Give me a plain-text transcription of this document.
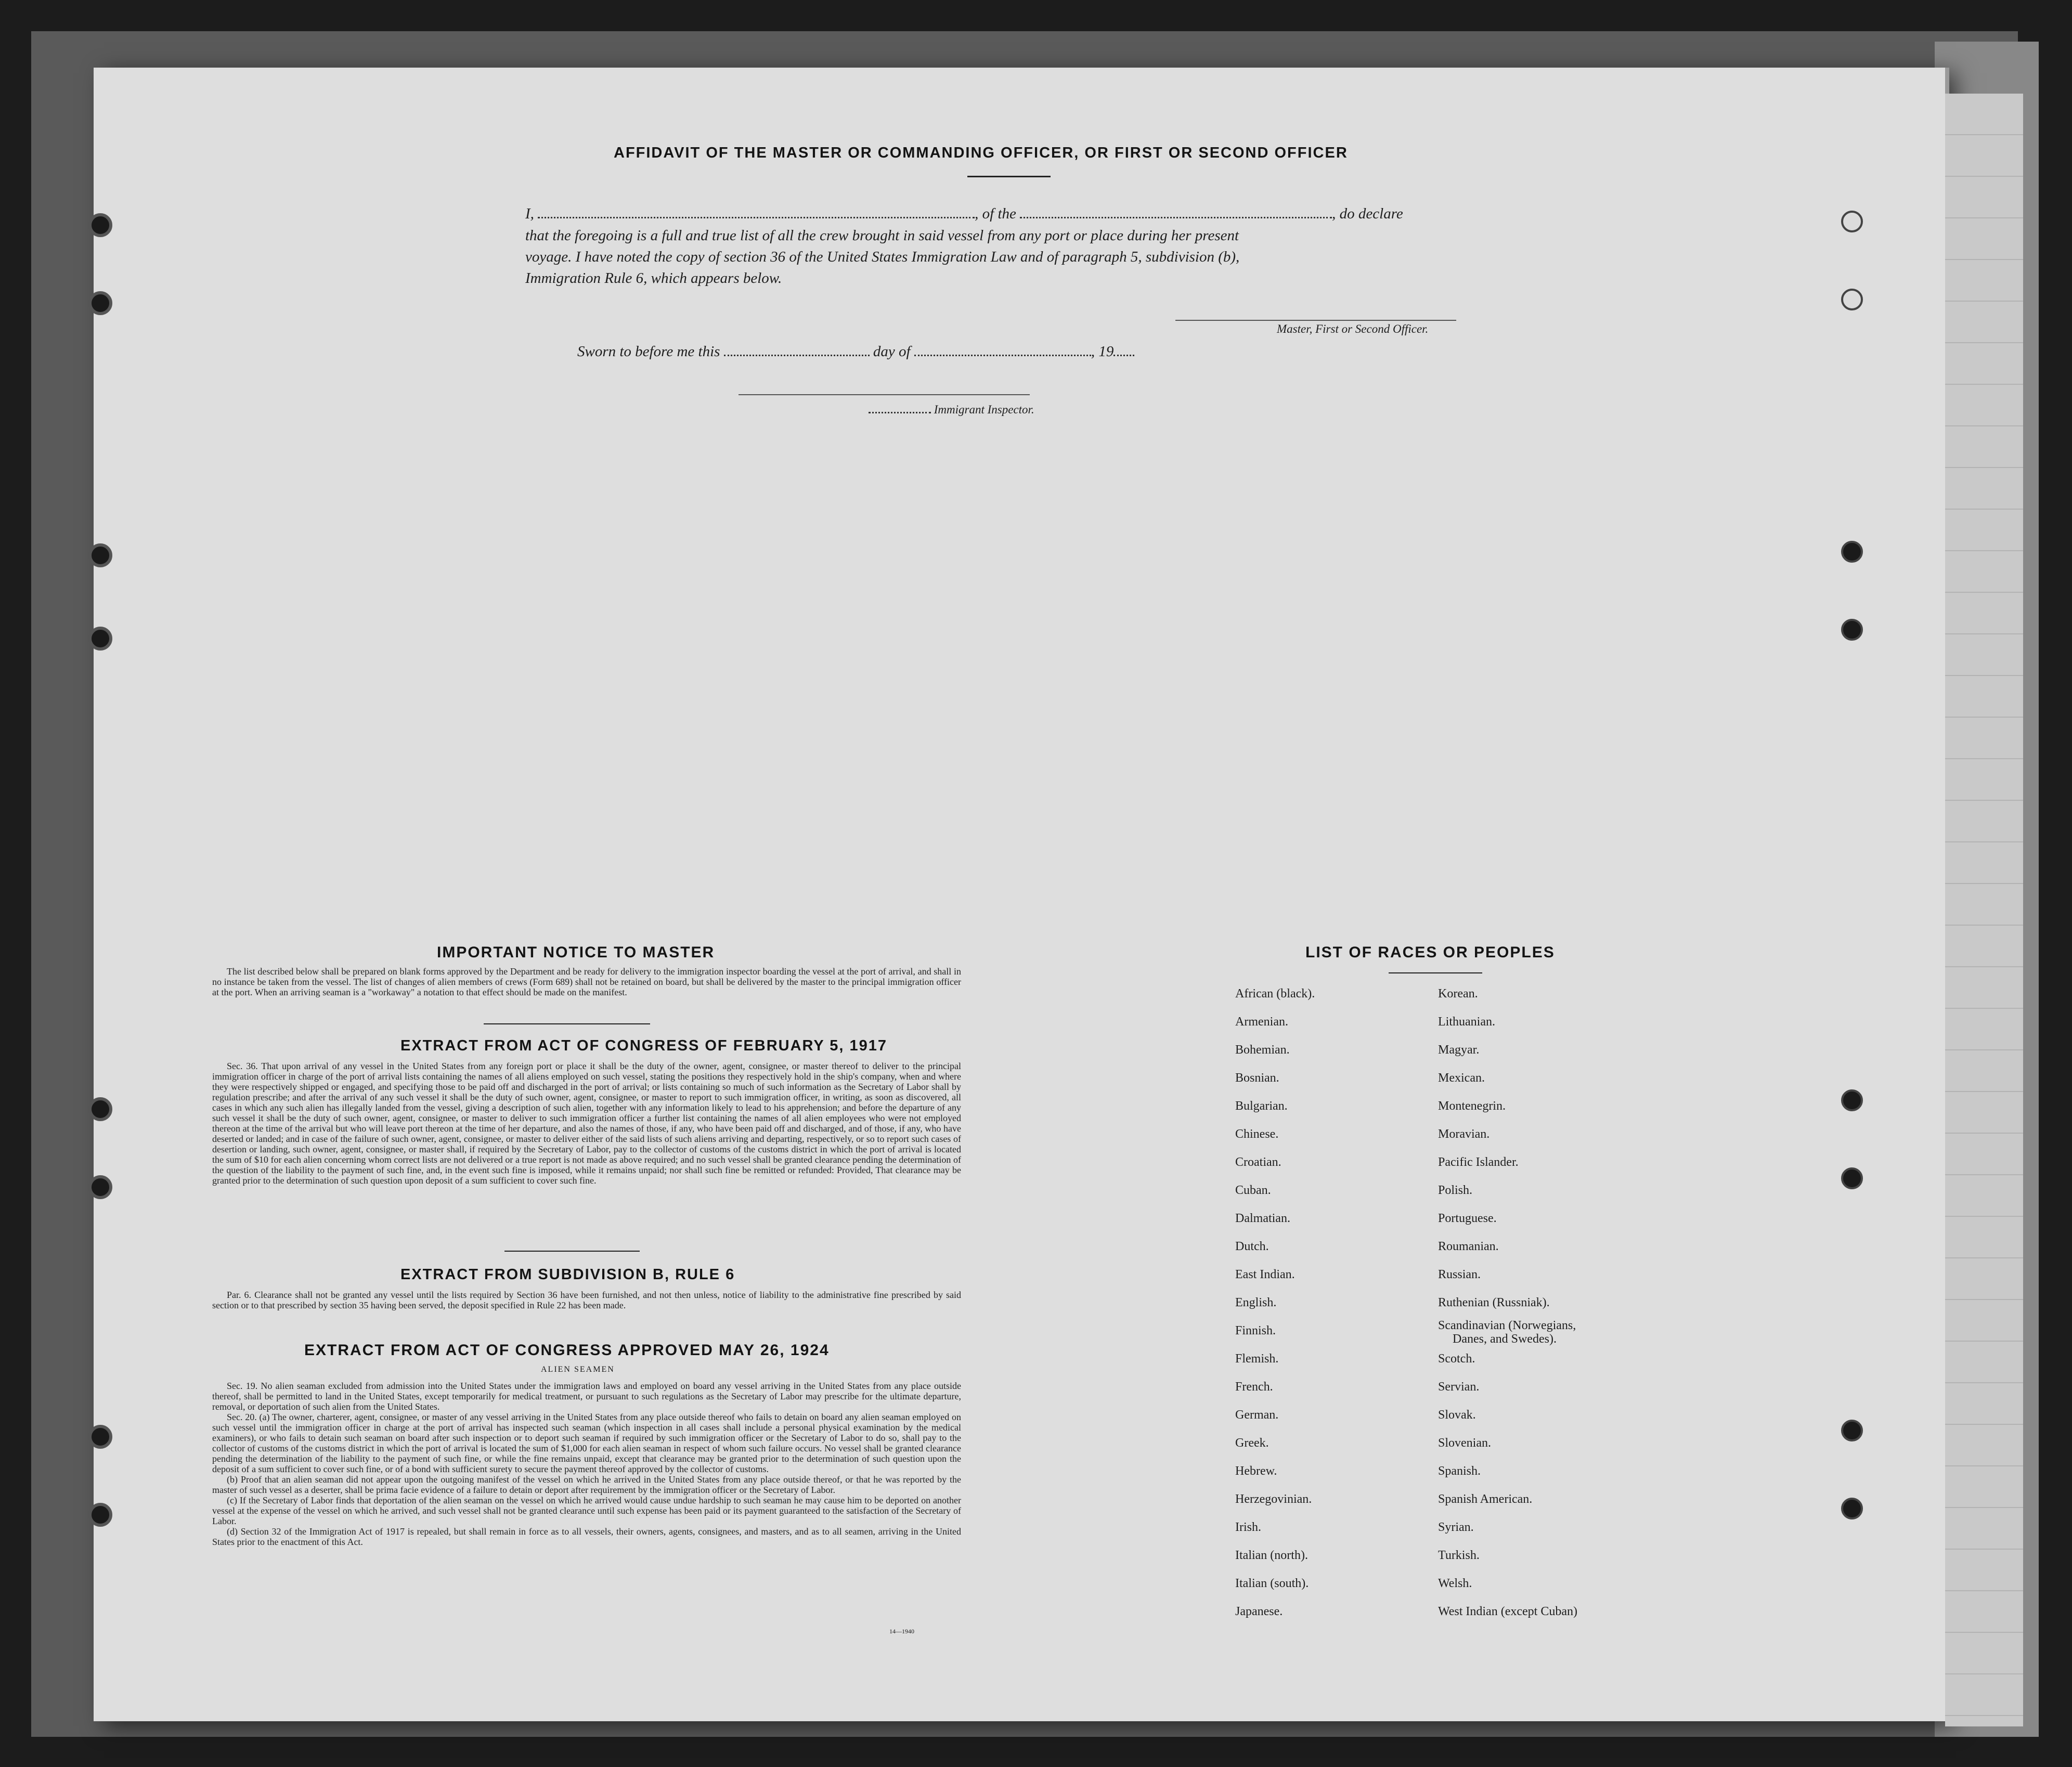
AFFIDAVIT OF THE MASTER OR COMMANDING OFFICER, OR FIRST OR SECOND OFFICER
I,	, of the	, do declare
that the foregoing is a full and true list of all the crew brought in said vessel from any port or place during her present
voyage. I have noted the copy of section 36 of the United States Immigration Law and of paragraph 5, subdivision (b),
Immigration Rule 6, which appears below.
Master, First or Second Officer.
Sworn to before me this	day of	, 19
Immigrant Inspector.
IMPORTANT NOTICE TO MASTER

The list described below shall be prepared on blank forms approved by the Department and be ready for delivery to the immigration inspector boarding the vessel at the port of arrival, and shall in no instance be taken from the vessel. The list of changes of alien members of crews (Form 689) shall not be retained on board, but shall be delivered by the master to the principal immigration officer at the port. When an arriving seaman is a "workaway" a notation to that effect should be made on the manifest.

EXTRACT FROM ACT OF CONGRESS OF FEBRUARY 5, 1917

Sec. 36. That upon arrival of any vessel in the United States from any foreign port or place it shall be the duty of the owner, agent, consignee, or master thereof to deliver to the principal immigration officer in charge of the port of arrival lists containing the names of all aliens employed on such vessel, stating the positions they respectively hold in the ship's company, when and where they were respectively shipped or engaged, and specifying those to be paid off and discharged in the port of arrival; or lists containing so much of such information as the Secretary of Labor shall by regulation prescribe; and after the arrival of any such vessel it shall be the duty of such owner, agent, consignee, or master to report to such immigration officer, in writing, as soon as discovered, all cases in which any such alien has illegally landed from the vessel, giving a description of such alien, together with any information likely to lead to his apprehension; and before the departure of any such vessel it shall be the duty of such owner, agent, consignee, or master to deliver to such immigration officer a further list containing the names of all alien employees who were not employed thereon at the time of the arrival but who will leave port thereon at the time of her departure, and also the names of those, if any, who have been paid off and discharged, and of those, if any, who have deserted or landed; and in case of the failure of such owner, agent, consignee, or master to deliver either of the said lists of such aliens arriving and departing, respectively, or so to report such cases of desertion or landing, such owner, agent, consignee, or master shall, if required by the Secretary of Labor, pay to the collector of customs of the customs district in which the port of arrival is located the sum of $10 for each alien concerning whom correct lists are not delivered or a true report is not made as above required; and no such vessel shall be granted clearance pending the determination of the question of the liability to the payment of such fine, and, in the event such fine is imposed, while it remains unpaid; nor shall such fine be remitted or refunded: Provided, That clearance may be granted prior to the determination of such question upon deposit of a sum sufficient to cover such fine.

EXTRACT FROM SUBDIVISION B, RULE 6

Par. 6. Clearance shall not be granted any vessel until the lists required by Section 36 have been furnished, and not then unless, notice of liability to the administrative fine prescribed by said section or to that prescribed by section 35 having been served, the deposit specified in Rule 22 has been made.

EXTRACT FROM ACT OF CONGRESS APPROVED MAY 26, 1924
ALIEN SEAMEN

Sec. 19. No alien seaman excluded from admission into the United States under the immigration laws and employed on board any vessel arriving in the United States from any place outside thereof, shall be permitted to land in the United States, except temporarily for medical treatment, or pursuant to such regulations as the Secretary of Labor may prescribe for the ultimate departure, removal, or deportation of such alien from the United States.

Sec. 20. (a) The owner, charterer, agent, consignee, or master of any vessel arriving in the United States from any place outside thereof who fails to detain on board any alien seaman employed on such vessel until the immigration officer in charge at the port of arrival has inspected such seaman (which inspection in all cases shall include a personal physical examination by the medical examiners), or who fails to detain such seaman on board after such inspection or to deport such seaman if required by such immigration officer or the Secretary of Labor to do so, shall pay to the collector of customs of the customs district in which the port of arrival is located the sum of $1,000 for each alien seaman in respect of whom such failure occurs. No vessel shall be granted clearance pending the determination of the liability to the payment of such fine, or while the fine remains unpaid, except that clearance may be granted prior to the determination of such question upon the deposit of a sum sufficient to cover such fine, or of a bond with sufficient surety to secure the payment thereof approved by the collector of customs.

(b) Proof that an alien seaman did not appear upon the outgoing manifest of the vessel on which he arrived in the United States from any place outside thereof, or that he was reported by the master of such vessel as a deserter, shall be prima facie evidence of a failure to detain or deport after requirement by the immigration officer or the Secretary of Labor.

(c) If the Secretary of Labor finds that deportation of the alien seaman on the vessel on which he arrived would cause undue hardship to such seaman he may cause him to be deported on another vessel at the expense of the vessel on which he arrived, and such vessel shall not be granted clearance until such expense has been paid or its payment guaranteed to the satisfaction of the Secretary of Labor.

(d) Section 32 of the Immigration Act of 1917 is repealed, but shall remain in force as to all vessels, their owners, agents, consignees, and masters, and as to all seamen, arriving in the United States prior to the enactment of this Act.

14—1940
LIST OF RACES OR PEOPLES
African (black).
Armenian.
Bohemian.
Bosnian.
Bulgarian.
Chinese.
Croatian.
Cuban.
Dalmatian.
Dutch.
East Indian.
English.
Finnish.
Flemish.
French.
German.
Greek.
Hebrew.
Herzegovinian.
Irish.
Italian (north).
Italian (south).
Japanese.
Korean.
Lithuanian.
Magyar.
Mexican.
Montenegrin.
Moravian.
Pacific Islander.
Polish.
Portuguese.
Roumanian.
Russian.
Ruthenian (Russniak).
Scandinavian (Norwegians,
Danes, and Swedes).
Scotch.
Servian.
Slovak.
Slovenian.
Spanish.
Spanish American.
Syrian.
Turkish.
Welsh.
West Indian (except Cuban)
